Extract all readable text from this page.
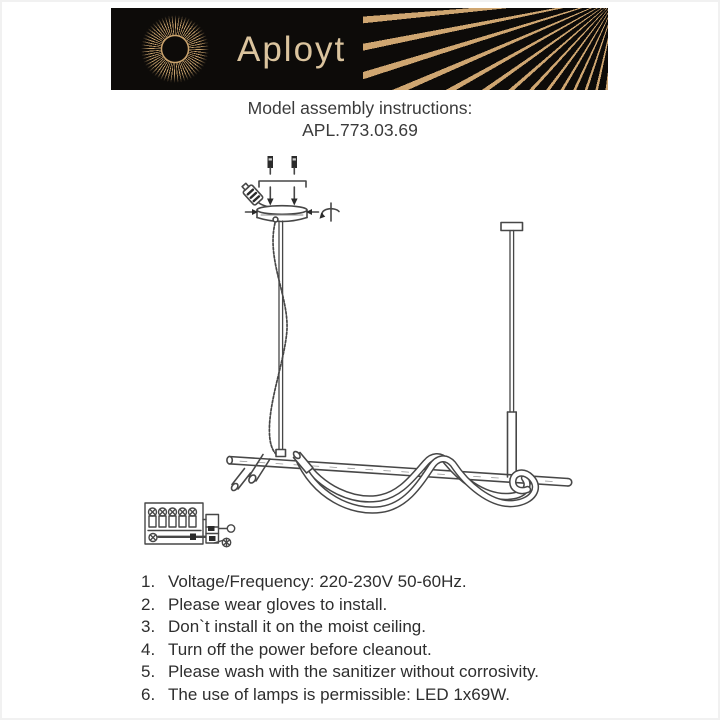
Aployt
Model assembly instructions:
APL.773.03.69
1. Voltage/Frequency: 220-230V 50-60Hz.
2. Please wear gloves to install.
3. Don`t install it on the moist ceiling.
4. Turn off the power before cleanout.
5. Please wash with the sanitizer without corrosivity.
6. The use of lamps is permissible: LED 1x69W.
